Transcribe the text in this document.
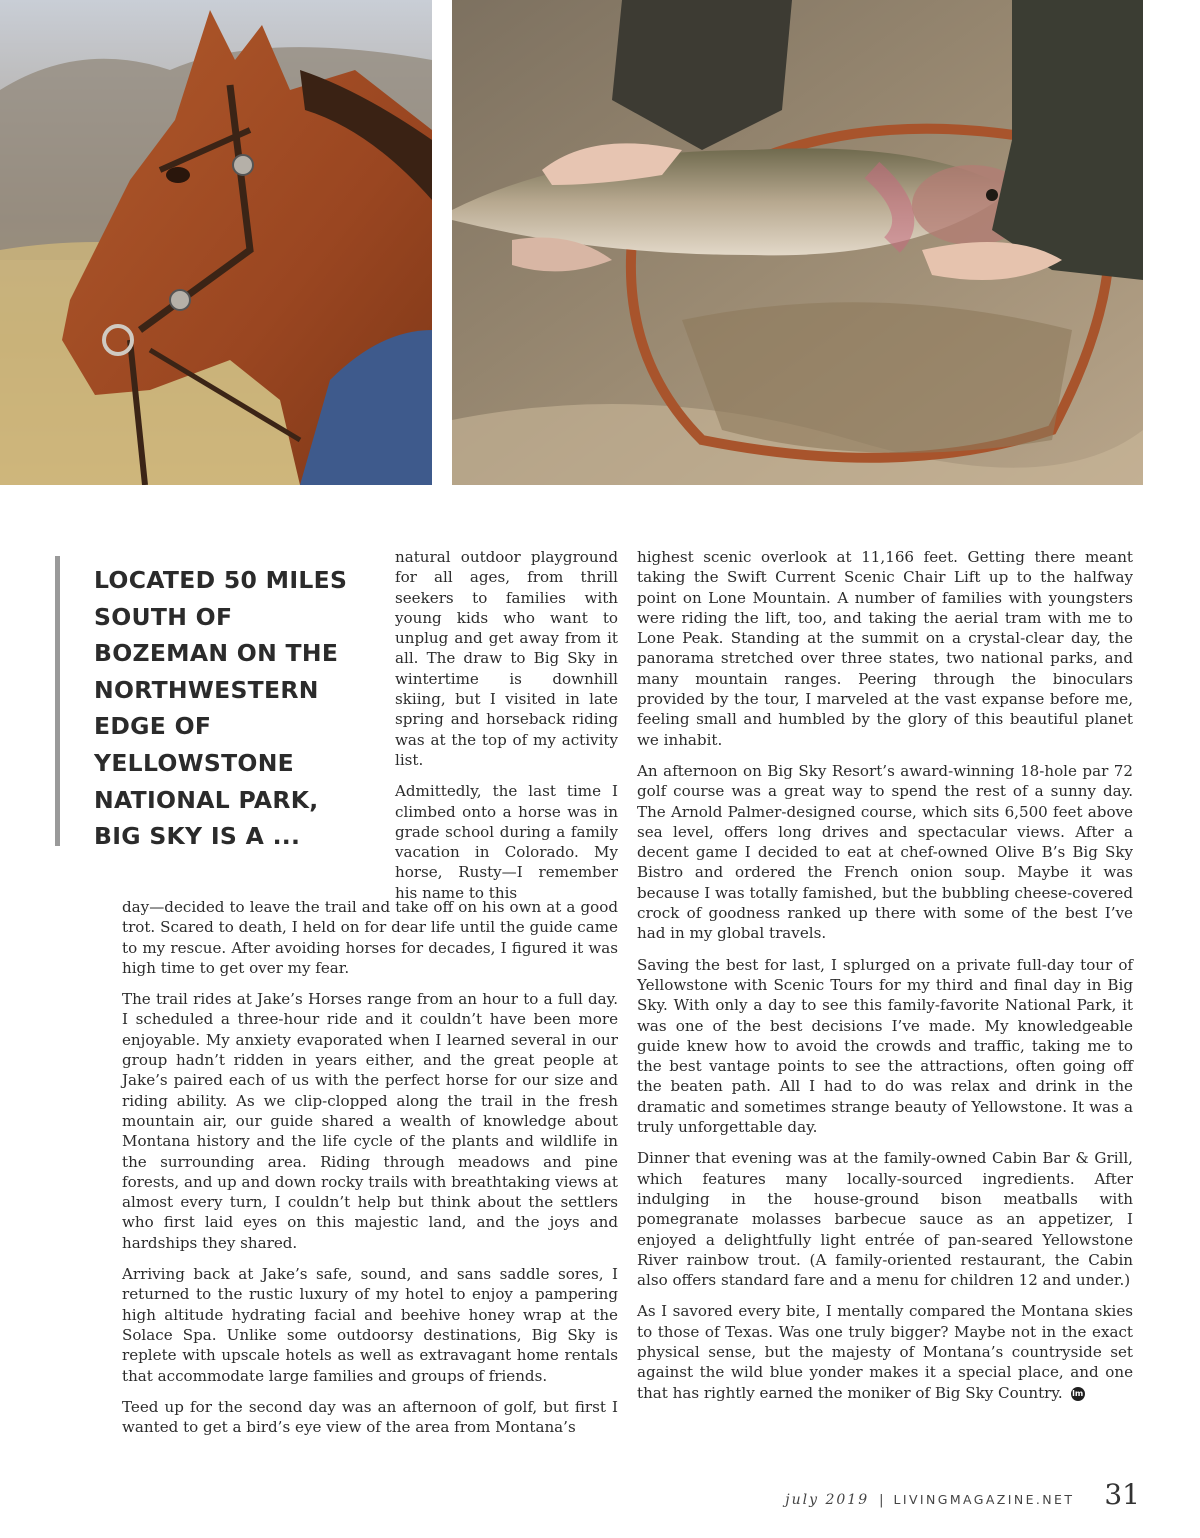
LOCATED 50 MILES SOUTH OF BOZEMAN ON THE NORTHWESTERN EDGE OF YELLOWSTONE NATIONAL PARK, BIG SKY IS A ...

natural outdoor playground for all ages, from thrill seekers to families with young kids who want to unplug and get away from it all. The draw to Big Sky in wintertime is downhill skiing, but I visited in late spring and horseback riding was at the top of my activity list.

Admittedly, the last time I climbed onto a horse was in grade school during a family vacation in Colorado. My horse, Rusty—I remember his name to this

day—decided to leave the trail and take off on his own at a good trot. Scared to death, I held on for dear life until the guide came to my rescue. After avoiding horses for decades, I figured it was high time to get over my fear.

The trail rides at Jake’s Horses range from an hour to a full day. I scheduled a three-hour ride and it couldn’t have been more enjoyable. My anxiety evaporated when I learned several in our group hadn’t ridden in years either, and the great people at Jake’s paired each of us with the perfect horse for our size and riding ability. As we clip-clopped along the trail in the fresh mountain air, our guide shared a wealth of knowledge about Montana history and the life cycle of the plants and wildlife in the surrounding area. Riding through meadows and pine forests, and up and down rocky trails with breathtaking views at almost every turn, I couldn’t help but think about the settlers who first laid eyes on this majestic land, and the joys and hardships they shared.

Arriving back at Jake’s safe, sound, and sans saddle sores, I returned to the rustic luxury of my hotel to enjoy a pampering high altitude hydrating facial and beehive honey wrap at the Solace Spa. Unlike some outdoorsy destinations, Big Sky is replete with upscale hotels as well as extravagant home rentals that accommodate large families and groups of friends.

Teed up for the second day was an afternoon of golf, but first I wanted to get a bird’s eye view of the area from Montana’s

highest scenic overlook at 11,166 feet. Getting there meant taking the Swift Current Scenic Chair Lift up to the halfway point on Lone Mountain. A number of families with youngsters were riding the lift, too, and taking the aerial tram with me to Lone Peak. Standing at the summit on a crystal-clear day, the panorama stretched over three states, two national parks, and many mountain ranges. Peering through the binoculars provided by the tour, I marveled at the vast expanse before me, feeling small and humbled by the glory of this beautiful planet we inhabit.

An afternoon on Big Sky Resort’s award-winning 18-hole par 72 golf course was a great way to spend the rest of a sunny day. The Arnold Palmer-designed course, which sits 6,500 feet above sea level, offers long drives and spectacular views. After a decent game I decided to eat at chef-owned Olive B’s Big Sky Bistro and ordered the French onion soup. Maybe it was because I was totally famished, but the bubbling cheese-covered crock of goodness ranked up there with some of the best I’ve had in my global travels.

Saving the best for last, I splurged on a private full-day tour of Yellowstone with Scenic Tours for my third and final day in Big Sky. With only a day to see this family-favorite National Park, it was one of the best decisions I’ve made. My knowledgeable guide knew how to avoid the crowds and traffic, taking me to the best vantage points to see the attractions, often going off the beaten path. All I had to do was relax and drink in the dramatic and sometimes strange beauty of Yellowstone. It was a truly unforgettable day.

Dinner that evening was at the family-owned Cabin Bar & Grill, which features many locally-sourced ingredients. After indulging in the house-ground bison meatballs with pomegranate molasses barbecue sauce as an appetizer, I enjoyed a delightfully light entrée of pan-seared Yellowstone River rainbow trout. (A family-oriented restaurant, the Cabin also offers standard fare and a menu for children 12 and under.)

As I savored every bite, I mentally compared the Montana skies to those of Texas. Was one truly bigger? Maybe not in the exact physical sense, but the majesty of Montana’s countryside set against the wild blue yonder makes it a special place, and one that has rightly earned the moniker of Big Sky Country. lm

july 2019 | LIVINGMAGAZINE.NET 31
